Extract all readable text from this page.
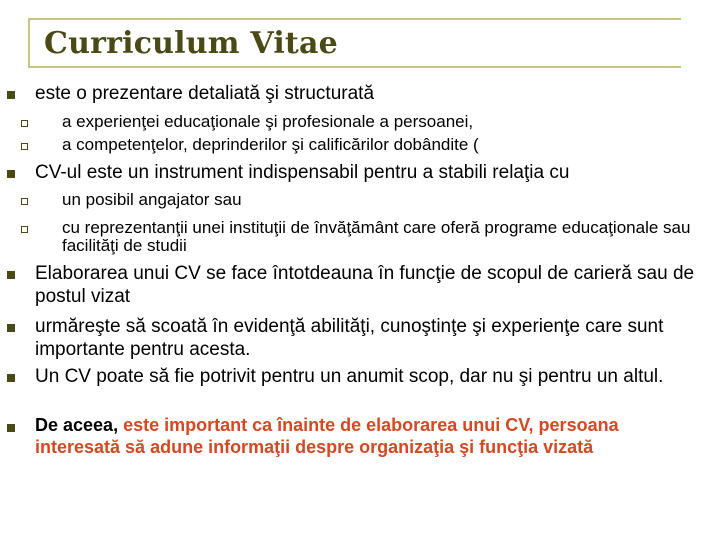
Curriculum Vitae
este o prezentare detaliată şi structurată
a experienţei educaţionale şi profesionale a persoanei,
a competenţelor, deprinderilor şi calificărilor dobândite (
CV-ul este un instrument indispensabil pentru a stabili relaţia cu
un posibil angajator sau
cu reprezentanţii unei instituţii de învăţământ care oferă programe educaţionale sau facilităţi de studii
Elaborarea unui CV se face întotdeauna în funcţie de scopul de carieră sau de postul vizat
urmăreşte să scoată în evidenţă abilităţi, cunoştinţe şi experienţe care sunt importante pentru acesta.
Un CV poate să fie potrivit pentru un anumit scop, dar nu şi pentru un altul.
De aceea, este important ca înainte de elaborarea unui CV, persoana interesată să adune informaţii despre organizaţia şi funcţia vizată
